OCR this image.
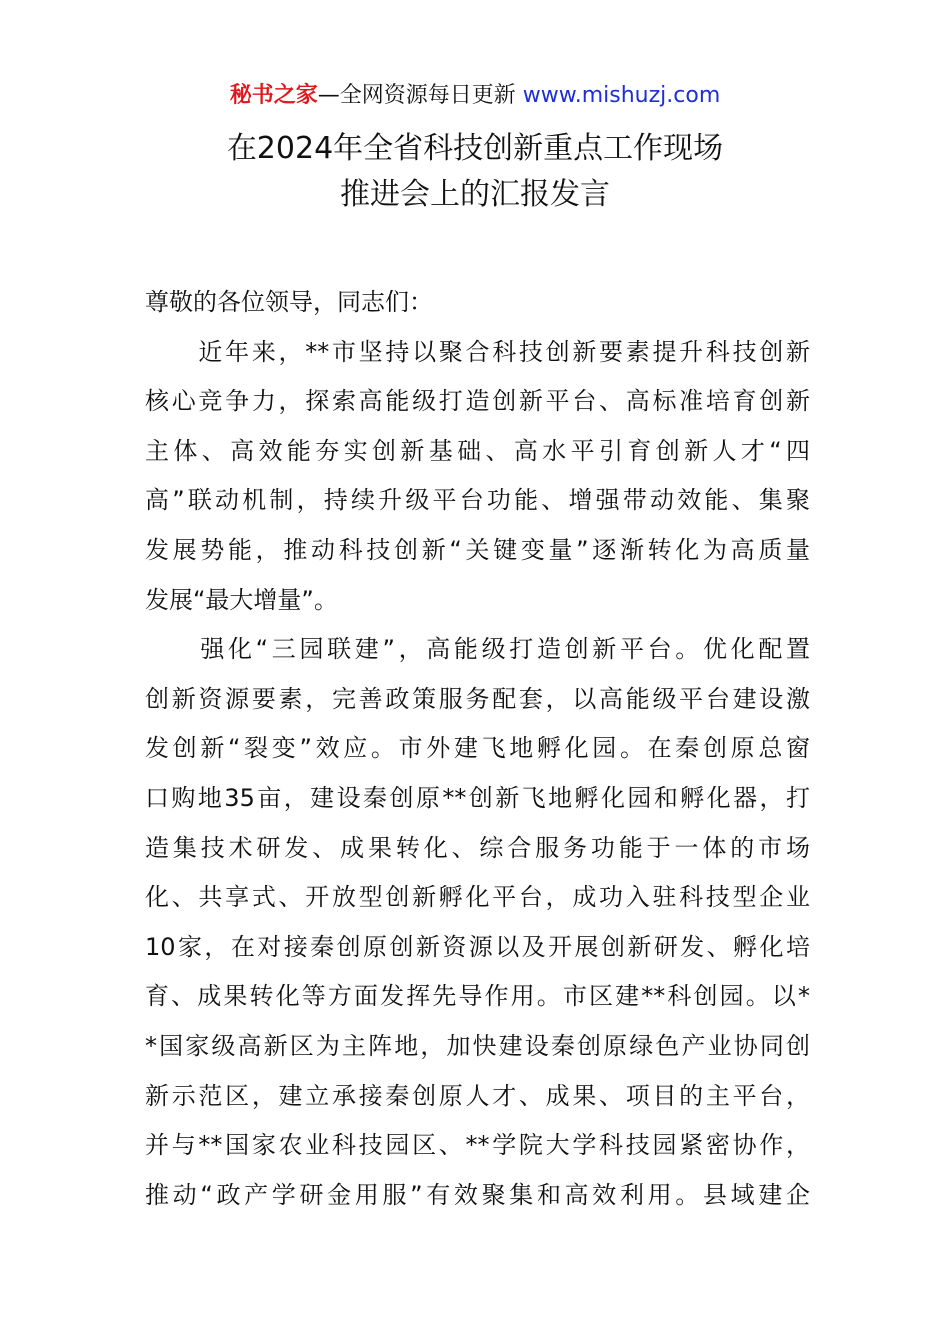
秘书之家—全网资源每日更新 www.mishuzj.com
在2024年全省科技创新重点工作现场
推进会上的汇报发言
尊敬的各位领导，同志们：
　　近年来，**市坚持以聚合科技创新要素提升科技创新
核心竞争力，探索高能级打造创新平台、高标准培育创新
主体、高效能夯实创新基础、高水平引育创新人才“四
高”联动机制，持续升级平台功能、增强带动效能、集聚
发展势能，推动科技创新“关键变量”逐渐转化为高质量
发展“最大增量”。
　　强化“三园联建”，高能级打造创新平台。优化配置
创新资源要素，完善政策服务配套，以高能级平台建设激
发创新“裂变”效应。市外建飞地孵化园。在秦创原总窗
口购地35亩，建设秦创原**创新飞地孵化园和孵化器，打
造集技术研发、成果转化、综合服务功能于一体的市场
化、共享式、开放型创新孵化平台，成功入驻科技型企业
10家，在对接秦创原创新资源以及开展创新研发、孵化培
育、成果转化等方面发挥先导作用。市区建**科创园。以*
*国家级高新区为主阵地，加快建设秦创原绿色产业协同创
新示范区，建立承接秦创原人才、成果、项目的主平台，
并与**国家农业科技园区、**学院大学科技园紧密协作，
推动“政产学研金用服”有效聚集和高效利用。县域建企
